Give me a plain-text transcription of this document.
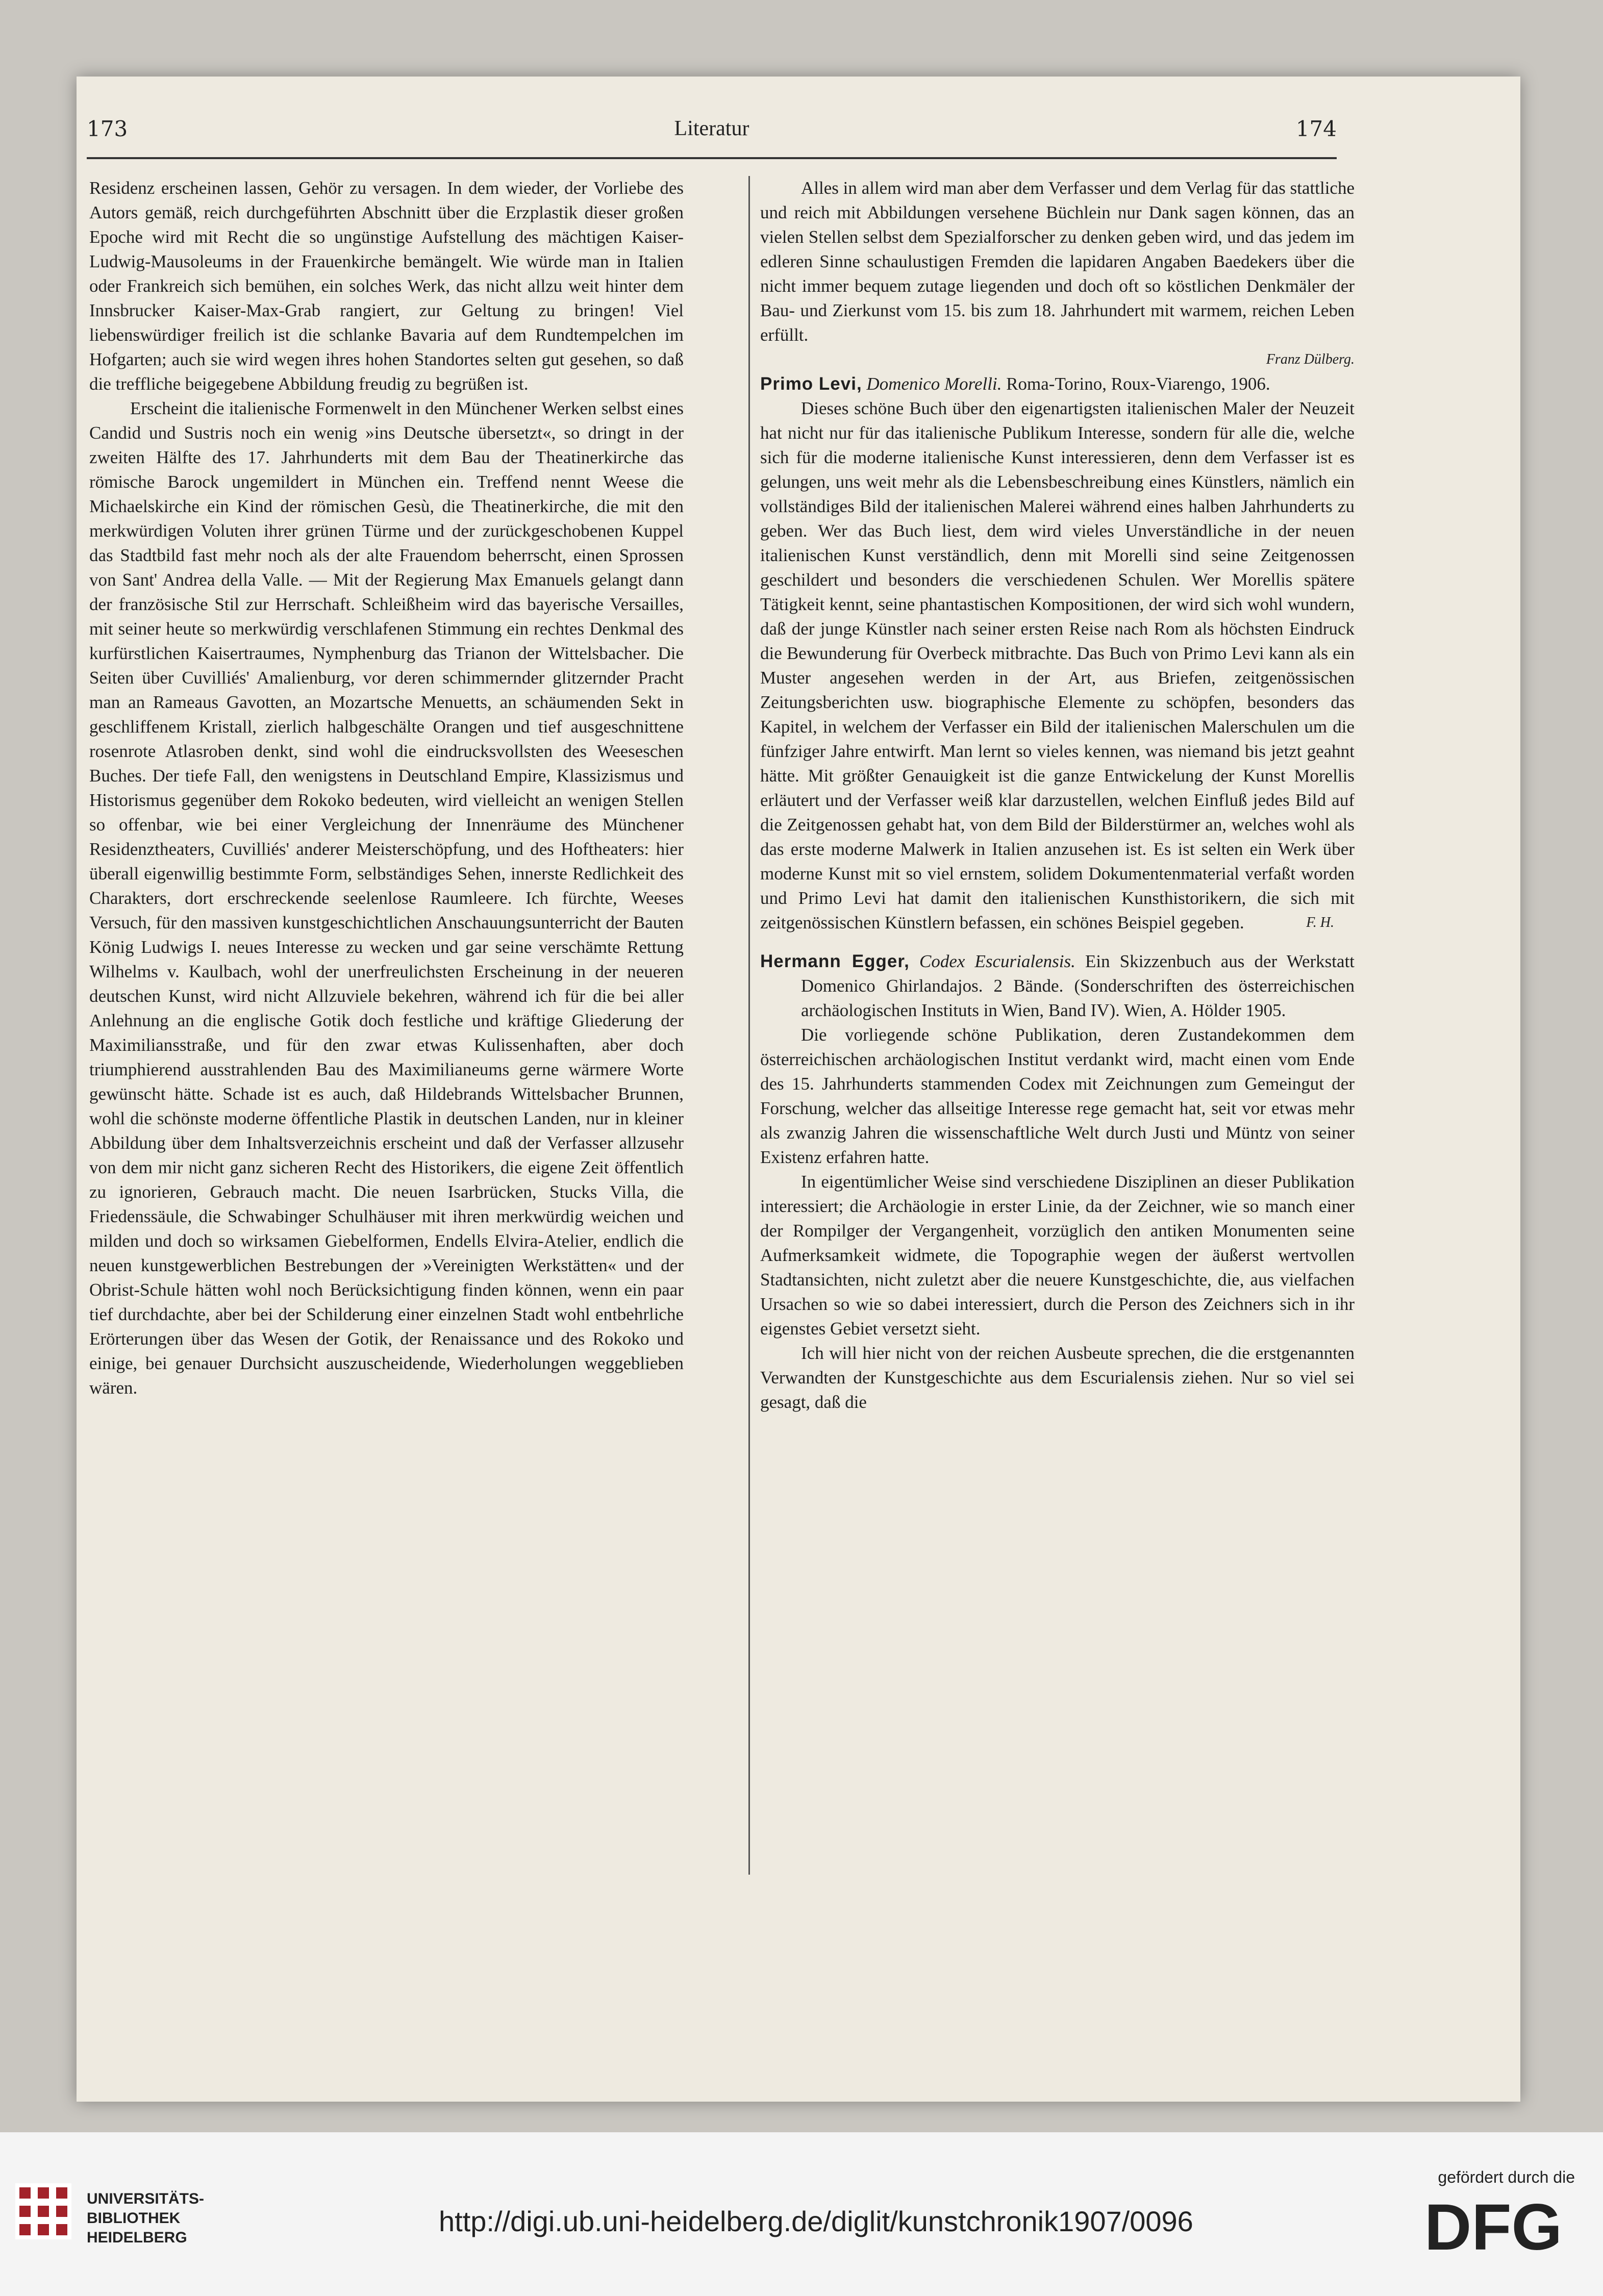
173	Literatur	174

Residenz erscheinen lassen, Gehör zu versagen. In dem wieder, der Vorliebe des Autors gemäß, reich durchgeführten Abschnitt über die Erzplastik dieser großen Epoche wird mit Recht die so ungünstige Aufstellung des mächtigen Kaiser-Ludwig-Mausoleums in der Frauenkirche bemängelt. Wie würde man in Italien oder Frankreich sich bemühen, ein solches Werk, das nicht allzu weit hinter dem Innsbrucker Kaiser-Max-Grab rangiert, zur Geltung zu bringen! Viel liebenswürdiger freilich ist die schlanke Bavaria auf dem Rundtempelchen im Hofgarten; auch sie wird wegen ihres hohen Standortes selten gut gesehen, so daß die treffliche beigegebene Abbildung freudig zu begrüßen ist.

Erscheint die italienische Formenwelt in den Münchener Werken selbst eines Candid und Sustris noch ein wenig »ins Deutsche übersetzt«, so dringt in der zweiten Hälfte des 17. Jahrhunderts mit dem Bau der Theatinerkirche das römische Barock ungemildert in München ein. Treffend nennt Weese die Michaelskirche ein Kind der römischen Gesù, die Theatinerkirche, die mit den merkwürdigen Voluten ihrer grünen Türme und der zurückgeschobenen Kuppel das Stadtbild fast mehr noch als der alte Frauendom beherrscht, einen Sprossen von Sant' Andrea della Valle. — Mit der Regierung Max Emanuels gelangt dann der französische Stil zur Herrschaft. Schleißheim wird das bayerische Versailles, mit seiner heute so merkwürdig verschlafenen Stimmung ein rechtes Denkmal des kurfürstlichen Kaisertraumes, Nymphenburg das Trianon der Wittelsbacher. Die Seiten über Cuvilliés' Amalienburg, vor deren schimmernder glitzernder Pracht man an Rameaus Gavotten, an Mozartsche Menuetts, an schäumenden Sekt in geschliffenem Kristall, zierlich halbgeschälte Orangen und tief ausgeschnittene rosenrote Atlasroben denkt, sind wohl die eindrucksvollsten des Weeseschen Buches. Der tiefe Fall, den wenigstens in Deutschland Empire, Klassizismus und Historismus gegenüber dem Rokoko bedeuten, wird vielleicht an wenigen Stellen so offenbar, wie bei einer Vergleichung der Innenräume des Münchener Residenztheaters, Cuvilliés' anderer Meisterschöpfung, und des Hoftheaters: hier überall eigenwillig bestimmte Form, selbständiges Sehen, innerste Redlichkeit des Charakters, dort erschreckende seelenlose Raumleere. Ich fürchte, Weeses Versuch, für den massiven kunstgeschichtlichen Anschauungsunterricht der Bauten König Ludwigs I. neues Interesse zu wecken und gar seine verschämte Rettung Wilhelms v. Kaulbach, wohl der unerfreulichsten Erscheinung in der neueren deutschen Kunst, wird nicht Allzuviele bekehren, während ich für die bei aller Anlehnung an die englische Gotik doch festliche und kräftige Gliederung der Maximiliansstraße, und für den zwar etwas Kulissenhaften, aber doch triumphierend ausstrahlenden Bau des Maximilianeums gerne wärmere Worte gewünscht hätte. Schade ist es auch, daß Hildebrands Wittelsbacher Brunnen, wohl die schönste moderne öffentliche Plastik in deutschen Landen, nur in kleiner Abbildung über dem Inhaltsverzeichnis erscheint und daß der Verfasser allzusehr von dem mir nicht ganz sicheren Recht des Historikers, die eigene Zeit öffentlich zu ignorieren, Gebrauch macht. Die neuen Isarbrücken, Stucks Villa, die Friedenssäule, die Schwabinger Schulhäuser mit ihren merkwürdig weichen und milden und doch so wirksamen Giebelformen, Endells Elvira-Atelier, endlich die neuen kunstgewerblichen Bestrebungen der »Vereinigten Werkstätten« und der Obrist-Schule hätten wohl noch Berücksichtigung finden können, wenn ein paar tief durchdachte, aber bei der Schilderung einer einzelnen Stadt wohl entbehrliche Erörterungen über das Wesen der Gotik, der Renaissance und des Rokoko und einige, bei genauer Durchsicht auszuscheidende, Wiederholungen weggeblieben wären.

Alles in allem wird man aber dem Verfasser und dem Verlag für das stattliche und reich mit Abbildungen versehene Büchlein nur Dank sagen können, das an vielen Stellen selbst dem Spezialforscher zu denken geben wird, und das jedem im edleren Sinne schaulustigen Fremden die lapidaren Angaben Baedekers über die nicht immer bequem zutage liegenden und doch oft so köstlichen Denkmäler der Bau- und Zierkunst vom 15. bis zum 18. Jahrhundert mit warmem, reichen Leben erfüllt.

Franz Dülberg.

Primo Levi, Domenico Morelli. Roma-Torino, Roux-Viarengo, 1906.

Dieses schöne Buch über den eigenartigsten italienischen Maler der Neuzeit hat nicht nur für das italienische Publikum Interesse, sondern für alle die, welche sich für die moderne italienische Kunst interessieren, denn dem Verfasser ist es gelungen, uns weit mehr als die Lebensbeschreibung eines Künstlers, nämlich ein vollständiges Bild der italienischen Malerei während eines halben Jahrhunderts zu geben. Wer das Buch liest, dem wird vieles Unverständliche in der neuen italienischen Kunst verständlich, denn mit Morelli sind seine Zeitgenossen geschildert und besonders die verschiedenen Schulen. Wer Morellis spätere Tätigkeit kennt, seine phantastischen Kompositionen, der wird sich wohl wundern, daß der junge Künstler nach seiner ersten Reise nach Rom als höchsten Eindruck die Bewunderung für Overbeck mitbrachte. Das Buch von Primo Levi kann als ein Muster angesehen werden in der Art, aus Briefen, zeitgenössischen Zeitungsberichten usw. biographische Elemente zu schöpfen, besonders das Kapitel, in welchem der Verfasser ein Bild der italienischen Malerschulen um die fünfziger Jahre entwirft. Man lernt so vieles kennen, was niemand bis jetzt geahnt hätte. Mit größter Genauigkeit ist die ganze Entwickelung der Kunst Morellis erläutert und der Verfasser weiß klar darzustellen, welchen Einfluß jedes Bild auf die Zeitgenossen gehabt hat, von dem Bild der Bilderstürmer an, welches wohl als das erste moderne Malwerk in Italien anzusehen ist. Es ist selten ein Werk über moderne Kunst mit so viel ernstem, solidem Dokumentenmaterial verfaßt worden und Primo Levi hat damit den italienischen Kunsthistorikern, die sich mit zeitgenössischen Künstlern befassen, ein schönes Beispiel gegeben.	F. H.

Hermann Egger, Codex Escurialensis. Ein Skizzenbuch aus der Werkstatt Domenico Ghirlandajos. 2 Bände. (Sonderschriften des österreichischen archäologischen Instituts in Wien, Band IV). Wien, A. Hölder 1905.

Die vorliegende schöne Publikation, deren Zustandekommen dem österreichischen archäologischen Institut verdankt wird, macht einen vom Ende des 15. Jahrhunderts stammenden Codex mit Zeichnungen zum Gemeingut der Forschung, welcher das allseitige Interesse rege gemacht hat, seit vor etwas mehr als zwanzig Jahren die wissenschaftliche Welt durch Justi und Müntz von seiner Existenz erfahren hatte.

In eigentümlicher Weise sind verschiedene Disziplinen an dieser Publikation interessiert; die Archäologie in erster Linie, da der Zeichner, wie so manch einer der Rompilger der Vergangenheit, vorzüglich den antiken Monumenten seine Aufmerksamkeit widmete, die Topographie wegen der äußerst wertvollen Stadtansichten, nicht zuletzt aber die neuere Kunstgeschichte, die, aus vielfachen Ursachen so wie so dabei interessiert, durch die Person des Zeichners sich in ihr eigenstes Gebiet versetzt sieht.

Ich will hier nicht von der reichen Ausbeute sprechen, die die erstgenannten Verwandten der Kunstgeschichte aus dem Escurialensis ziehen. Nur so viel sei gesagt, daß die

UNIVERSITÄTS-
BIBLIOTHEK
HEIDELBERG
http://digi.ub.uni-heidelberg.de/diglit/kunstchronik1907/0096
gefördert durch die
DFG
